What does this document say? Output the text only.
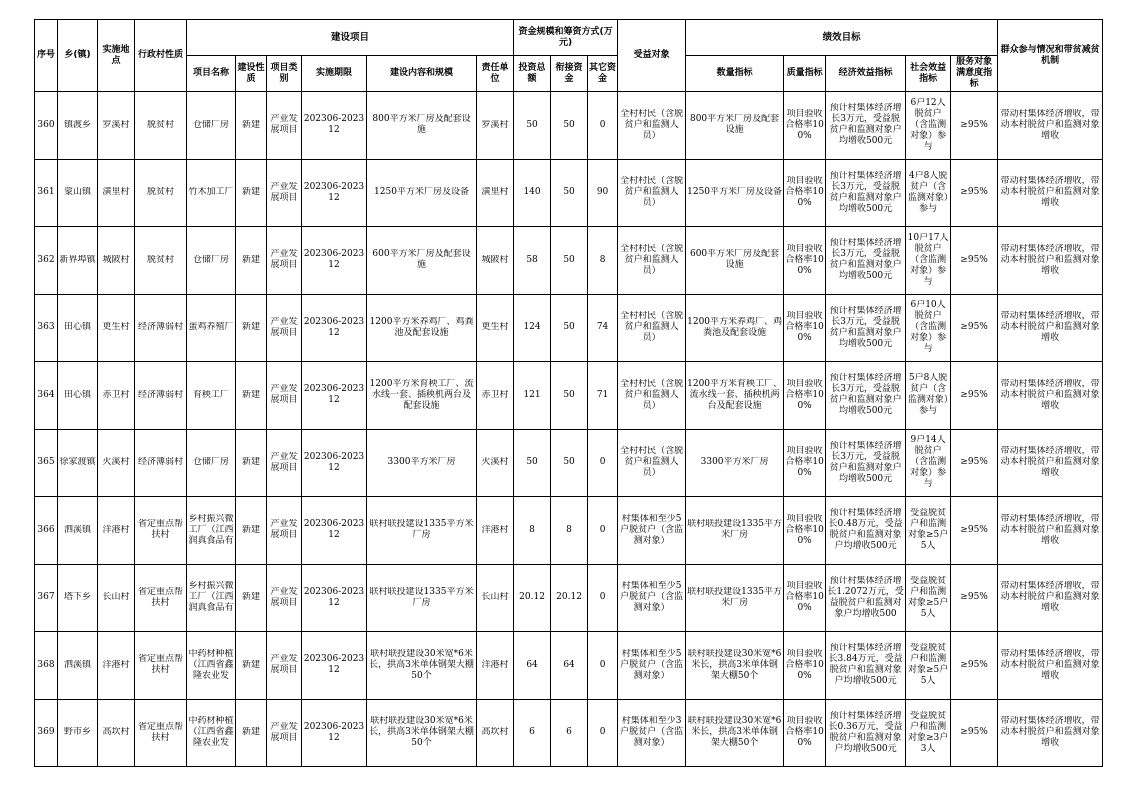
序号	乡(镇)	实施地点	行政村性质	建设项目						资金规模和筹资方式(万元)			受益对象	绩效目标					群众参与情况和带贫减贫机制
				项目名称	建设性质	项目类别	实施期限	建设内容和规模	责任单位	投资总额	衔接资金	其它资金		数量指标	质量指标	经济效益指标	社会效益指标	服务对象满意度指标	

360	镇渡乡	罗溪村	脱贫村	仓储厂房	新建	产业发展项目	202306-202312	800平方米厂房及配套设施	罗溪村	50	50	0	全村村民（含脱贫户和监测人员）	800平方米厂房及配套设施	项目验收合格率100%	预计村集体经济增长3万元，受益脱贫户和监测对象户均增收500元	6户12人脱贫户（含监测对象）参与	≥95%	带动村集体经济增收，带动本村脱贫户和监测对象增收

361	蒙山镇	潢里村	脱贫村	竹木加工厂	新建	产业发展项目	202306-202312	1250平方米厂房及设备	潢里村	140	50	90	全村村民（含脱贫户和监测人员）	1250平方米厂房及设备	项目验收合格率100%	预计村集体经济增长3万元，受益脱贫户和监测对象户均增收500元	4户8人脱贫户（含监测对象）参与	≥95%	带动村集体经济增收，带动本村脱贫户和监测对象增收

362	新界埠镇	城陂村	脱贫村	仓储厂房	新建	产业发展项目	202306-202312	600平方米厂房及配套设施	城陂村	58	50	8	全村村民（含脱贫户和监测人员）	600平方米厂房及配套设施	项目验收合格率100%	预计村集体经济增长3万元，受益脱贫户和监测对象户均增收500元	10户17人脱贫户（含监测对象）参与	≥95%	带动村集体经济增收，带动本村脱贫户和监测对象增收

363	田心镇	更生村	经济薄弱村	蛋鸡养殖厂	新建	产业发展项目	202306-202312	1200平方米养鸡厂、鸡粪池及配套设施	更生村	124	50	74	全村村民（含脱贫户和监测人员）	1200平方米养鸡厂、鸡粪池及配套设施	项目验收合格率100%	预计村集体经济增长3万元，受益脱贫户和监测对象户均增收500元	6户10人脱贫户（含监测对象）参与	≥95%	带动村集体经济增收，带动本村脱贫户和监测对象增收

364	田心镇	赤卫村	经济薄弱村	育秧工厂	新建	产业发展项目	202306-202312	1200平方米育秧工厂、流水线一套、插秧机两台及配套设施	赤卫村	121	50	71	全村村民（含脱贫户和监测人员）	1200平方米育秧工厂、流水线一套、插秧机两台及配套设施	项目验收合格率100%	预计村集体经济增长3万元，受益脱贫户和监测对象户均增收500元	5户8人脱贫户（含监测对象）参与	≥95%	带动村集体经济增收，带动本村脱贫户和监测对象增收

365	徐家渡镇	火溪村	经济薄弱村	仓储厂房	新建	产业发展项目	202306-202312	3300平方米厂房	火溪村	50	50	0	全村村民（含脱贫户和监测人员）	3300平方米厂房	项目验收合格率100%	预计村集体经济增长3万元，受益脱贫户和监测对象户均增收500元	9户14人脱贫户（含监测对象）参与	≥95%	带动村集体经济增收，带动本村脱贫户和监测对象增收

366	泗溪镇	洋港村	省定重点帮扶村	乡村振兴微工厂（江西润真食品有	新建	产业发展项目	202306-202312	联村联投建设1335平方米厂房	洋港村	8	8	0	村集体和至少5户脱贫户（含监测对象）	联村联投建设1335平方米厂房	项目验收合格率100%	预计村集体经济增长0.48万元，受益脱贫户和监测对象户均增收500元	受益脱贫户和监测对象≥5户5人	≥95%	带动村集体经济增收，带动本村脱贫户和监测对象增收

367	塔下乡	长山村	省定重点帮扶村	乡村振兴微工厂（江西润真食品有	新建	产业发展项目	202306-202312	联村联投建设1335平方米厂房	长山村	20.12	20.12	0	村集体和至少5户脱贫户（含监测对象）	联村联投建设1335平方米厂房	项目验收合格率100%	预计村集体经济增长1.2072万元，受益脱贫户和监测对象户均增收500	受益脱贫户和监测对象≥5户5人	≥95%	带动村集体经济增收，带动本村脱贫户和监测对象增收

368	泗溪镇	洋港村	省定重点帮扶村	中药材种植（江西省鑫隆农业发	新建	产业发展项目	202306-202312	联村联投建设30米宽*6米长，拱高3米单体钢架大棚50个	洋港村	64	64	0	村集体和至少5户脱贫户（含监测对象）	联村联投建设30米宽*6米长，拱高3米单体钢架大棚50个	项目验收合格率100%	预计村集体经济增长3.84万元，受益脱贫户和监测对象户均增收500元	受益脱贫户和监测对象≥5户5人	≥95%	带动村集体经济增收，带动本村脱贫户和监测对象增收

369	野市乡	高坎村	省定重点帮扶村	中药材种植（江西省鑫隆农业发	新建	产业发展项目	202306-202312	联村联投建设30米宽*6米长，拱高3米单体钢架大棚50个	高坎村	6	6	0	村集体和至少3户脱贫户（含监测对象）	联村联投建设30米宽*6米长，拱高3米单体钢架大棚50个	项目验收合格率100%	预计村集体经济增长0.36万元，受益脱贫户和监测对象户均增收500元	受益脱贫户和监测对象≥3户3人	≥95%	带动村集体经济增收，带动本村脱贫户和监测对象增收
